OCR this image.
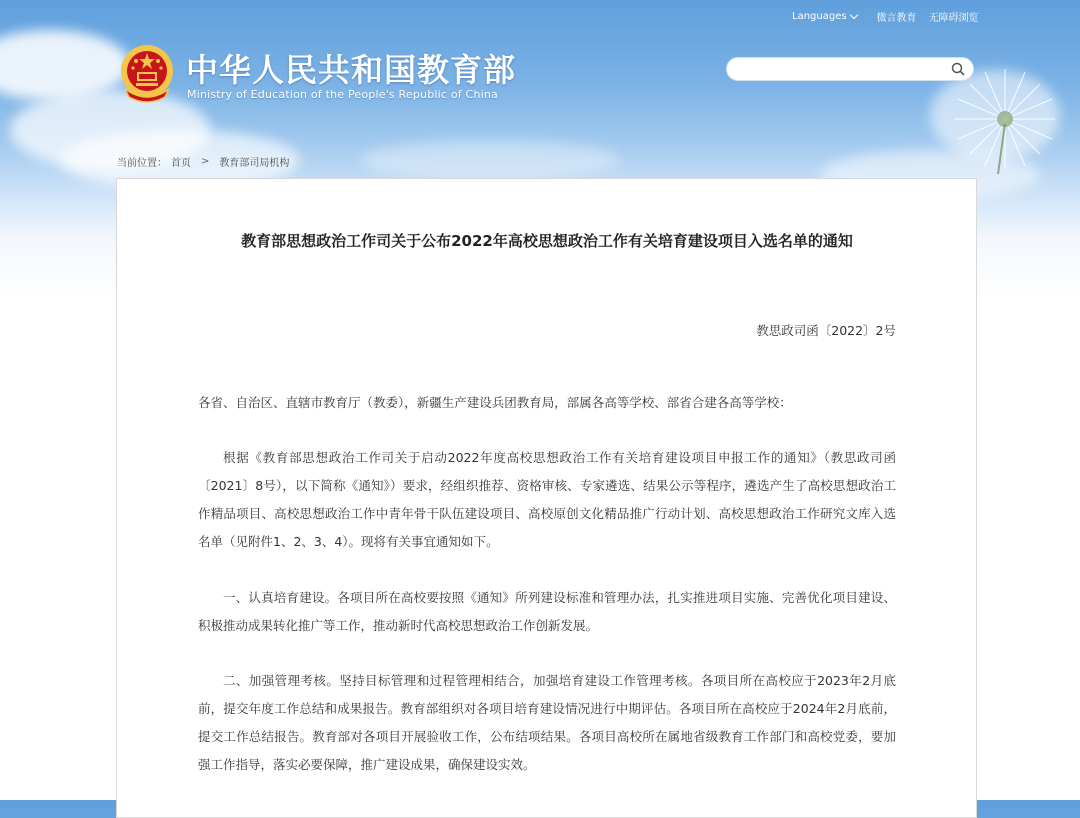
Languages	微言教育 无障碍浏览
中华人民共和国教育部
Ministry of Education of the People's Republic of China
当前位置： 首页 > 教育部司局机构
教育部思想政治工作司关于公布2022年高校思想政治工作有关培育建设项目入选名单的通知
教思政司函〔2022〕2号

各省、自治区、直辖市教育厅（教委），新疆生产建设兵团教育局，部属各高等学校、部省合建各高等学校：

根据《教育部思想政治工作司关于启动2022年度高校思想政治工作有关培育建设项目申报工作的通知》（教思政司函〔2021〕8号），以下简称《通知》）要求，经组织推荐、资格审核、专家遴选、结果公示等程序，遴选产生了高校思想政治工作精品项目、高校思想政治工作中青年骨干队伍建设项目、高校原创文化精品推广行动计划、高校思想政治工作研究文库入选名单（见附件1、2、3、4）。现将有关事宜通知如下。

一、认真培育建设。各项目所在高校要按照《通知》所列建设标准和管理办法，扎实推进项目实施、完善优化项目建设、积极推动成果转化推广等工作，推动新时代高校思想政治工作创新发展。

二、加强管理考核。坚持目标管理和过程管理相结合，加强培育建设工作管理考核。各项目所在高校应于2023年2月底前，提交年度工作总结和成果报告。教育部组织对各项目培育建设情况进行中期评估。各项目所在高校应于2024年2月底前，提交工作总结报告。教育部对各项目开展验收工作，公布结项结果。各项目高校所在属地省级教育工作部门和高校党委，要加强工作指导，落实必要保障，推广建设成果，确保建设实效。
